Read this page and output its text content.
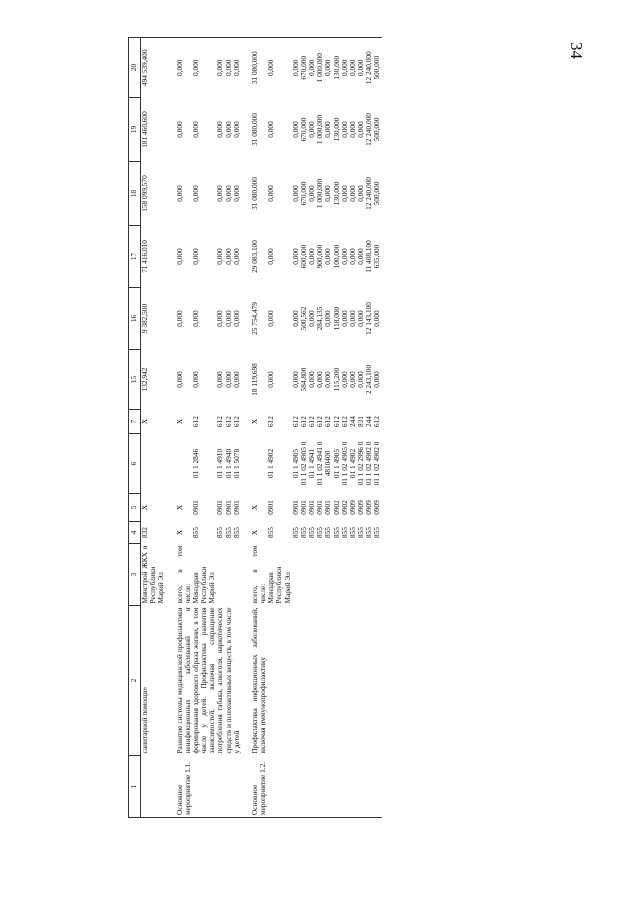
34
1	2	3	4	5	6	7	15	16	17	18	19	20
	санитарной помощи»	Минстрой ЖКХ и Республики Марий Эл	832	X		X	132,942	9 382,500	71 416,010	158 099,570	181 460,600	494 539,400

Основное мероприятие 1.1.	Развитие системы медицинской профилактики неинфекционных заболеваний и формирования здорового образа жизни, в том числе у детей. Профилактика развития зависимостей, включая сокращение потребления табака, алкоголя, наркотических средств и психоактивных веществ, в том числе у детей	всего, в том числе:	X	X		X	0,000	0,000	0,000	0,000	0,000	0,000
		Минздрав Республики Марий Эл	855	0901	01 1 2846	612	0,000	0,000	0,000	0,000	0,000	0,000
			855	0901	01 1 4910	612	0,000	0,000	0,000	0,000	0,000	0,000
			855	0901	01 1 4940	612	0,000	0,000	0,000	0,000	0,000	0,000
			855	0901	01 1 5078	612	0,000	0,000	0,000	0,000	0,000	0,000

Основное мероприятие 1.2.	Профилактика инфекционных заболеваний, включая иммунопрофилактику	всего, в том числе:	X	X		X	18 119,698	25 754,479	29 083,100	31 080,000	31 080,000	31 080,000
		Минздрав Республики Марий Эл	855	0901	01 1 4902	612	0,000	0,000	0,000	0,000	0,000	0,000
			855	0901	01 1 4905	612	0,000	0,000	0,000	0,000	0,000	0,000
			855	0901	01 1 02 4905 0	612	584,800	500,562	600,000	670,000	670,000	670,000
			855	0901	01 1 4941	612	0,000	0,000	0,000	0,000	0,000	0,000
			855	0901	01 1 02 4941 0	612	0,000	284,135	900,000	1 000,000	1 000,000	1 000,000
			855	0901	4810400	612	0,000	0,000	0,000	0,000	0,000	0,000
			855	0902	01 1 4905	612	115,200	118,000	100,000	130,000	130,000	130,000
			855	0902	01 1 02 4905 0	612	0,000	0,000	0,000	0,000	0,000	0,000
			855	0909	01 1 4902	244	0,000	0,000	0,000	0,000	0,000	0,000
			855	0909	01 1 02 2996 0	831	0,000	0,000	0,000	0,000	0,000	0,000
			855	0909	01 1 02 4902 0	244	2 243,100	12 143,100	11 408,100	12 240,000	12 240,000	12 240,000
			855	0909	01 1 02 4902 0	612	0,000	0,000	635,000	500,000	500,000	500,000
